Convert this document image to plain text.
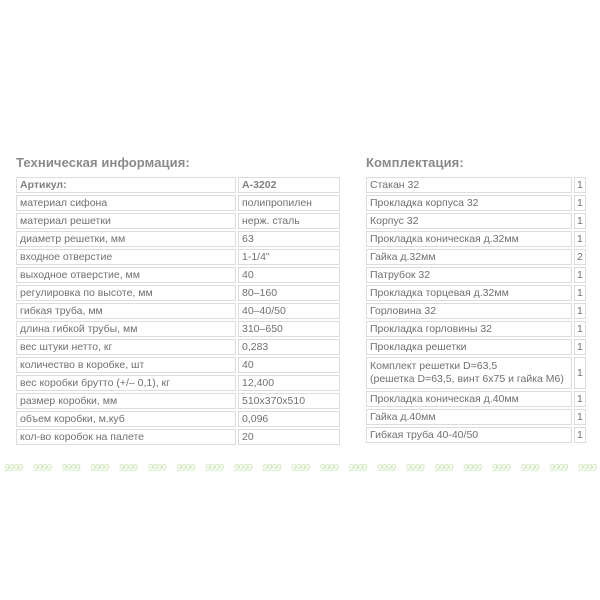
Техническая информация:
Артикул:	А-3202
материал сифона	полипропилен
материал решетки	нерж. сталь
диаметр решетки, мм	63
входное отверстие	1-1/4"
выходное отверстие, мм	40
регулировка по высоте, мм	80–160
гибкая труба, мм	40–40/50
длина гибкой трубы, мм	310–650
вес штуки нетто, кг	0,283
количество в коробке, шт	40
вес коробки брутто (+/– 0,1), кг	12,400
размер коробки, мм	510х370х510
объем коробки, м.куб	0,096
кол-во коробок на палете	20
Комплектация:
Стакан 32	1
Прокладка корпуса 32	1
Корпус 32	1
Прокладка коническая д.32мм	1
Гайка д.32мм	2
Патрубок 32	1
Прокладка торцевая д.32мм	1
Горловина 32	1
Прокладка горловины 32	1
Прокладка решетки	1

Комплект решетки D=63,5
(решетка D=63,5, винт 6х75 и гайка М6)	1
Прокладка коническая д.40мм	1
Гайка д.40мм	1
Гибкая труба 40-40/50	1
9999 9999 9999 9999 9999 9999 9999 9999 9999 9999 9999 9999 9999 9999 9999 9999 9999 9999 9999 9999 9999
